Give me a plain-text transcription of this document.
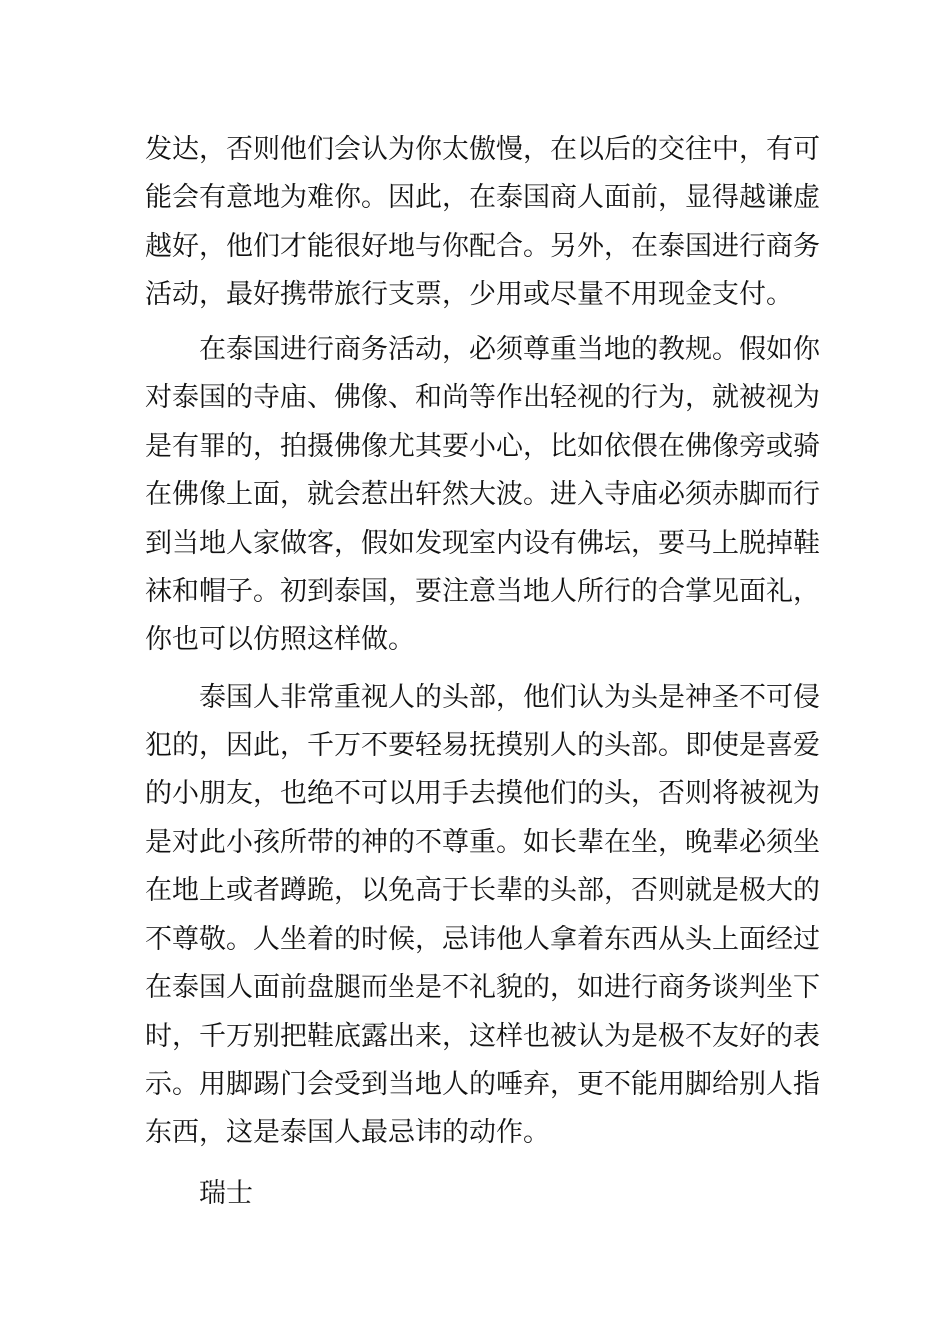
发达，否则他们会认为你太傲慢，在以后的交往中，有可
能会有意地为难你。因此，在泰国商人面前，显得越谦虚
越好，他们才能很好地与你配合。另外，在泰国进行商务
活动，最好携带旅行支票，少用或尽量不用现金支付。
在泰国进行商务活动，必须尊重当地的教规。假如你
对泰国的寺庙、佛像、和尚等作出轻视的行为，就被视为
是有罪的，拍摄佛像尤其要小心，比如依偎在佛像旁或骑
在佛像上面，就会惹出轩然大波。进入寺庙必须赤脚而行
到当地人家做客，假如发现室内设有佛坛，要马上脱掉鞋
袜和帽子。初到泰国，要注意当地人所行的合掌见面礼，
你也可以仿照这样做。
泰国人非常重视人的头部，他们认为头是神圣不可侵
犯的，因此，千万不要轻易抚摸别人的头部。即使是喜爱
的小朋友，也绝不可以用手去摸他们的头，否则将被视为
是对此小孩所带的神的不尊重。如长辈在坐，晚辈必须坐
在地上或者蹲跪，以免高于长辈的头部，否则就是极大的
不尊敬。人坐着的时候，忌讳他人拿着东西从头上面经过
在泰国人面前盘腿而坐是不礼貌的，如进行商务谈判坐下
时，千万别把鞋底露出来，这样也被认为是极不友好的表
示。用脚踢门会受到当地人的唾弃，更不能用脚给别人指
东西，这是泰国人最忌讳的动作。
瑞士
